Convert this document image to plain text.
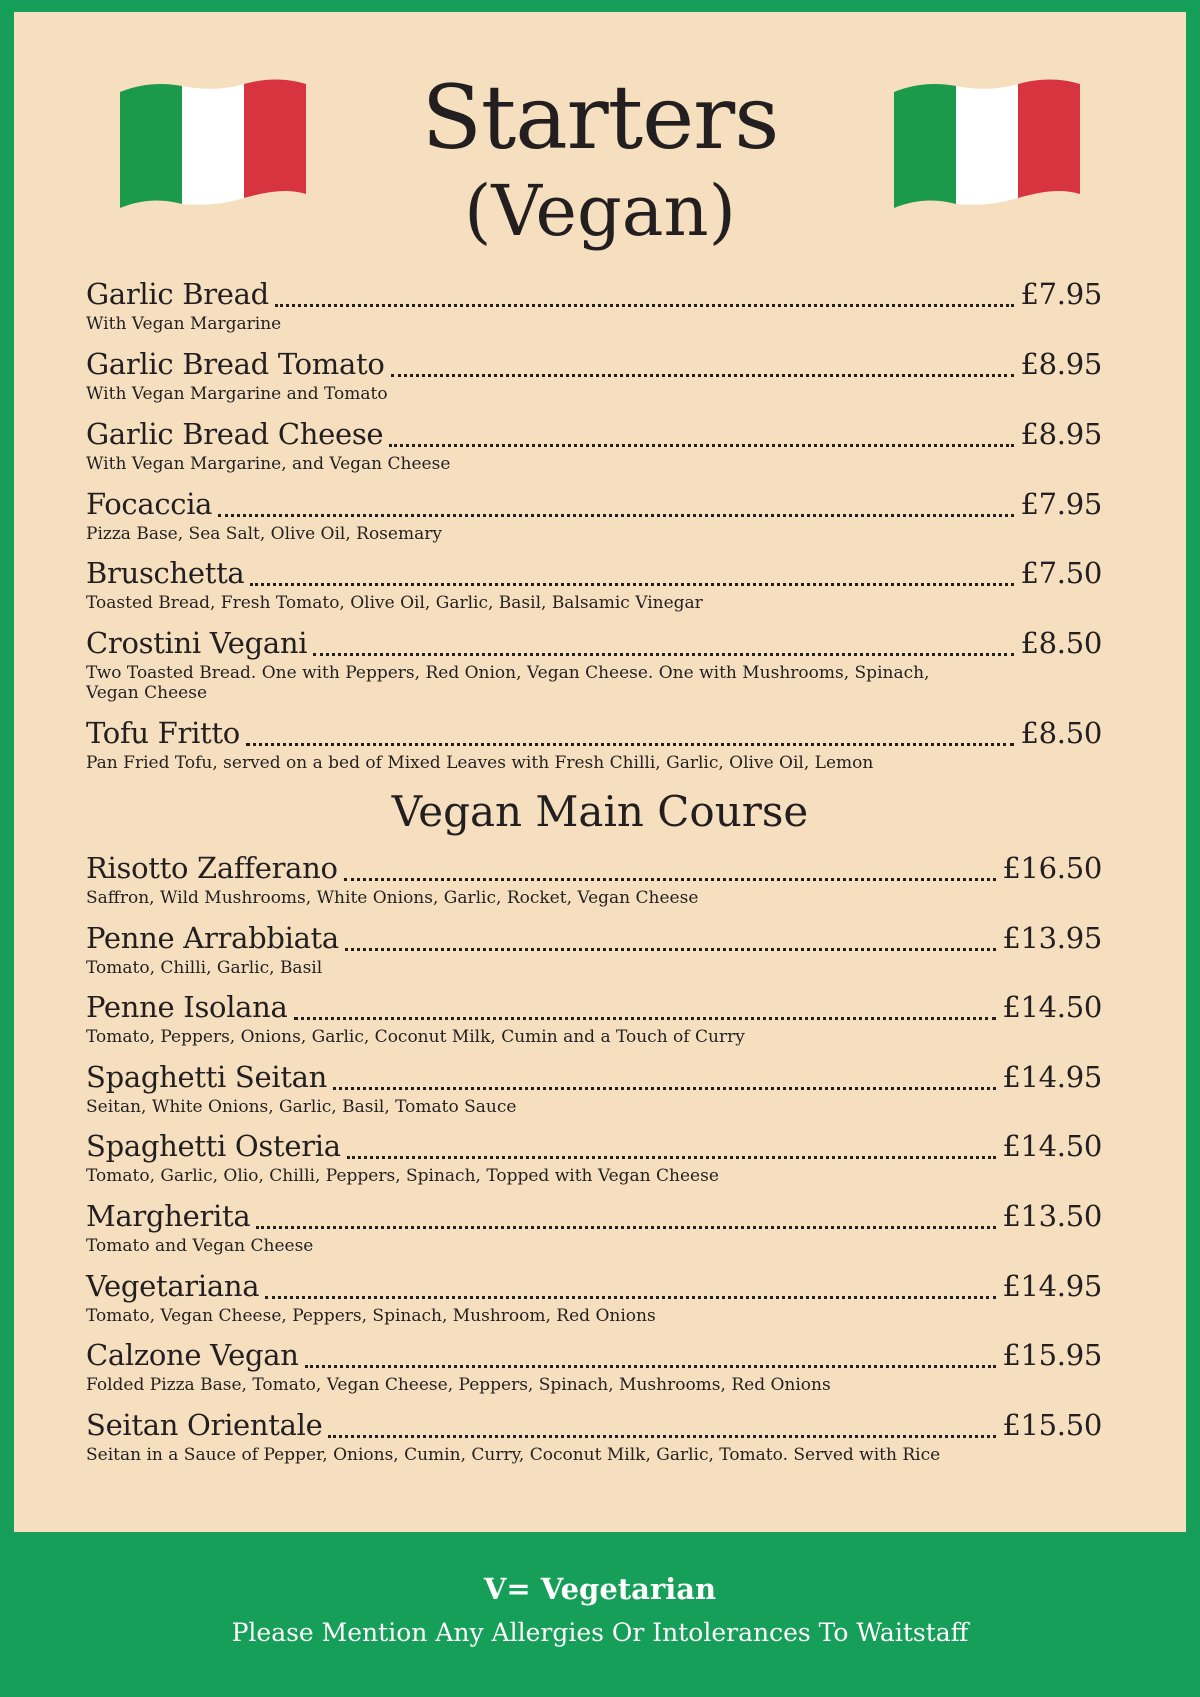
Starters
(Vegan)
Garlic Bread	£7.95
With Vegan Margarine
Garlic Bread Tomato	£8.95
With Vegan Margarine and Tomato
Garlic Bread Cheese	£8.95
With Vegan Margarine, and Vegan Cheese
Focaccia	£7.95
Pizza Base, Sea Salt, Olive Oil, Rosemary
Bruschetta	£7.50
Toasted Bread, Fresh Tomato, Olive Oil, Garlic, Basil, Balsamic Vinegar
Crostini Vegani	£8.50
Two Toasted Bread. One with Peppers, Red Onion, Vegan Cheese. One with Mushrooms, Spinach, Vegan Cheese
Tofu Fritto	£8.50
Pan Fried Tofu, served on a bed of Mixed Leaves with Fresh Chilli, Garlic, Olive Oil, Lemon
Vegan Main Course
Risotto Zafferano	£16.50
Saffron, Wild Mushrooms, White Onions, Garlic, Rocket, Vegan Cheese
Penne Arrabbiata	£13.95
Tomato, Chilli, Garlic, Basil
Penne Isolana	£14.50
Tomato, Peppers, Onions, Garlic, Coconut Milk, Cumin and a Touch of Curry
Spaghetti Seitan	£14.95
Seitan, White Onions, Garlic, Basil, Tomato Sauce
Spaghetti Osteria	£14.50
Tomato, Garlic, Olio, Chilli, Peppers, Spinach, Topped with Vegan Cheese
Margherita	£13.50
Tomato and Vegan Cheese
Vegetariana	£14.95
Tomato, Vegan Cheese, Peppers, Spinach, Mushroom, Red Onions
Calzone Vegan	£15.95
Folded Pizza Base, Tomato, Vegan Cheese, Peppers, Spinach, Mushrooms, Red Onions
Seitan Orientale	£15.50
Seitan in a Sauce of Pepper, Onions, Cumin, Curry, Coconut Milk, Garlic, Tomato. Served with Rice
V= Vegetarian
Please Mention Any Allergies Or Intolerances To Waitstaff
